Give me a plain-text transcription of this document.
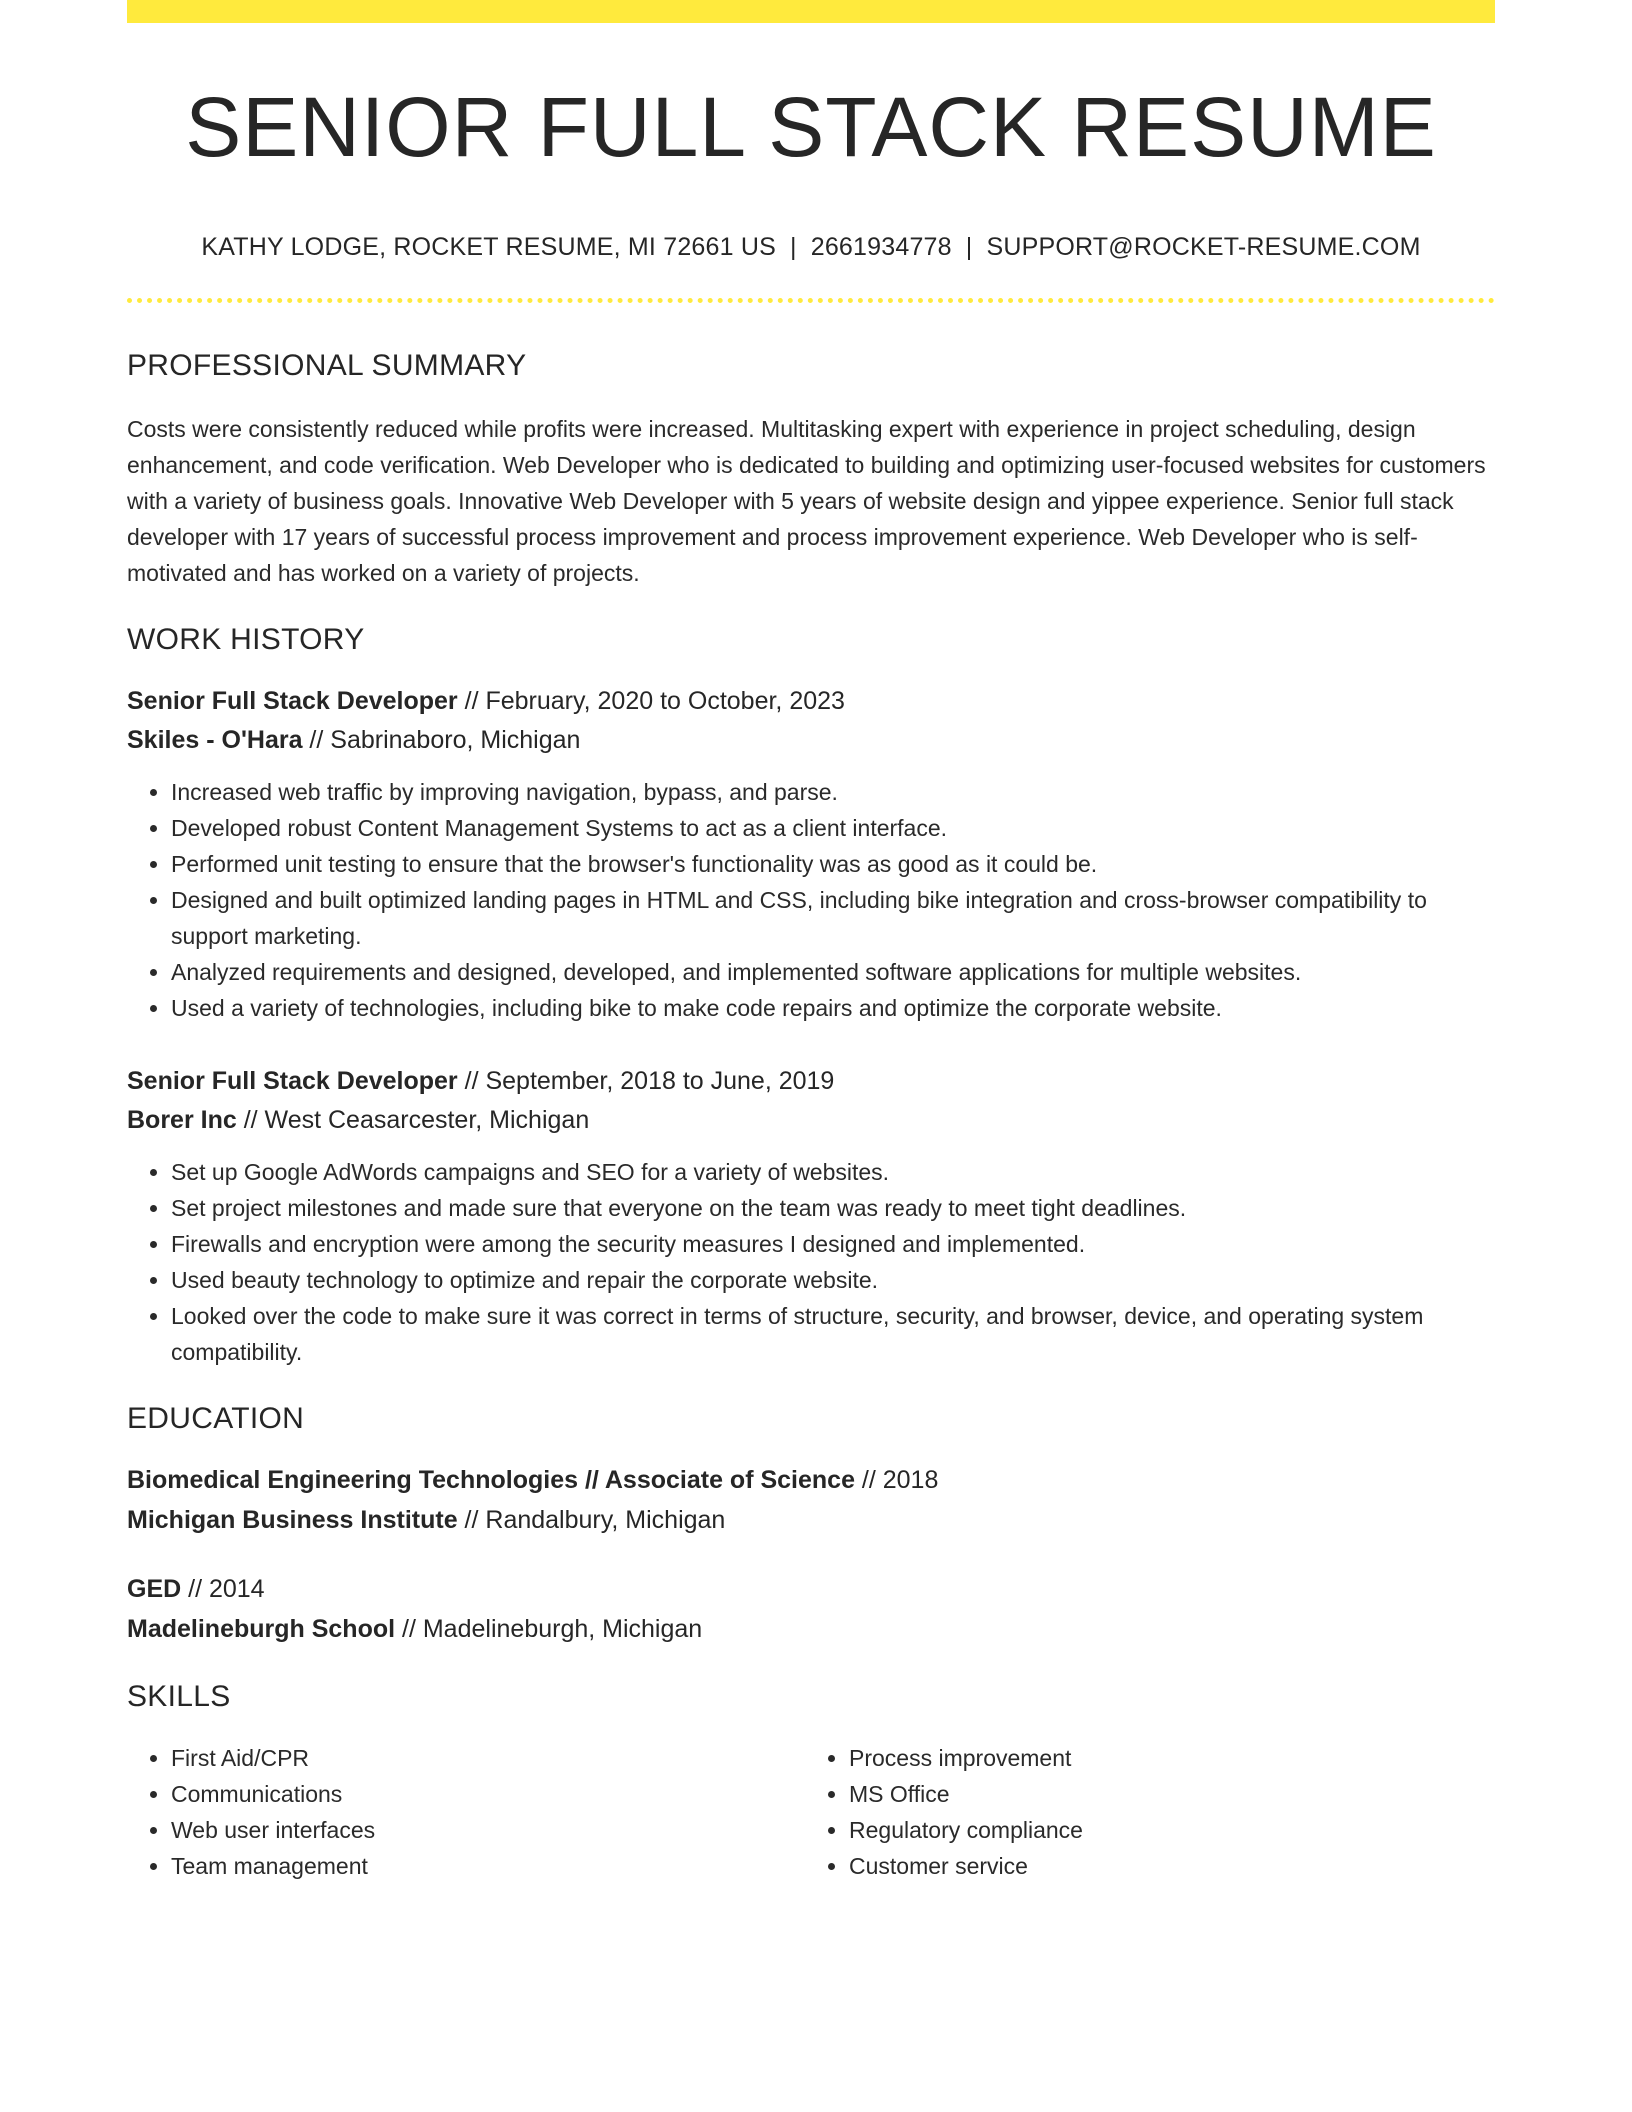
SENIOR FULL STACK RESUME
KATHY LODGE, ROCKET RESUME, MI 72661 US | 2661934778 | SUPPORT@ROCKET-RESUME.COM
PROFESSIONAL SUMMARY

Costs were consistently reduced while profits were increased. Multitasking expert with experience in project scheduling, design enhancement, and code verification. Web Developer who is dedicated to building and optimizing user-focused websites for customers with a variety of business goals. Innovative Web Developer with 5 years of website design and yippee experience. Senior full stack developer with 17 years of successful process improvement and process improvement experience. Web Developer who is self-motivated and has worked on a variety of projects.

WORK HISTORY
Senior Full Stack Developer // February, 2020 to October, 2023
Skiles - O'Hara // Sabrinaboro, Michigan
• Increased web traffic by improving navigation, bypass, and parse.
• Developed robust Content Management Systems to act as a client interface.
• Performed unit testing to ensure that the browser's functionality was as good as it could be.
• Designed and built optimized landing pages in HTML and CSS, including bike integration and cross-browser compatibility to support marketing.
• Analyzed requirements and designed, developed, and implemented software applications for multiple websites.
• Used a variety of technologies, including bike to make code repairs and optimize the corporate website.
Senior Full Stack Developer // September, 2018 to June, 2019
Borer Inc // West Ceasarcester, Michigan
• Set up Google AdWords campaigns and SEO for a variety of websites.
• Set project milestones and made sure that everyone on the team was ready to meet tight deadlines.
• Firewalls and encryption were among the security measures I designed and implemented.
• Used beauty technology to optimize and repair the corporate website.
• Looked over the code to make sure it was correct in terms of structure, security, and browser, device, and operating system compatibility.
EDUCATION
Biomedical Engineering Technologies // Associate of Science // 2018
Michigan Business Institute // Randalbury, Michigan
GED // 2014
Madelineburgh School // Madelineburgh, Michigan
SKILLS
• First Aid/CPR
• Communications
• Web user interfaces
• Team management
• Process improvement
• MS Office
• Regulatory compliance
• Customer service
